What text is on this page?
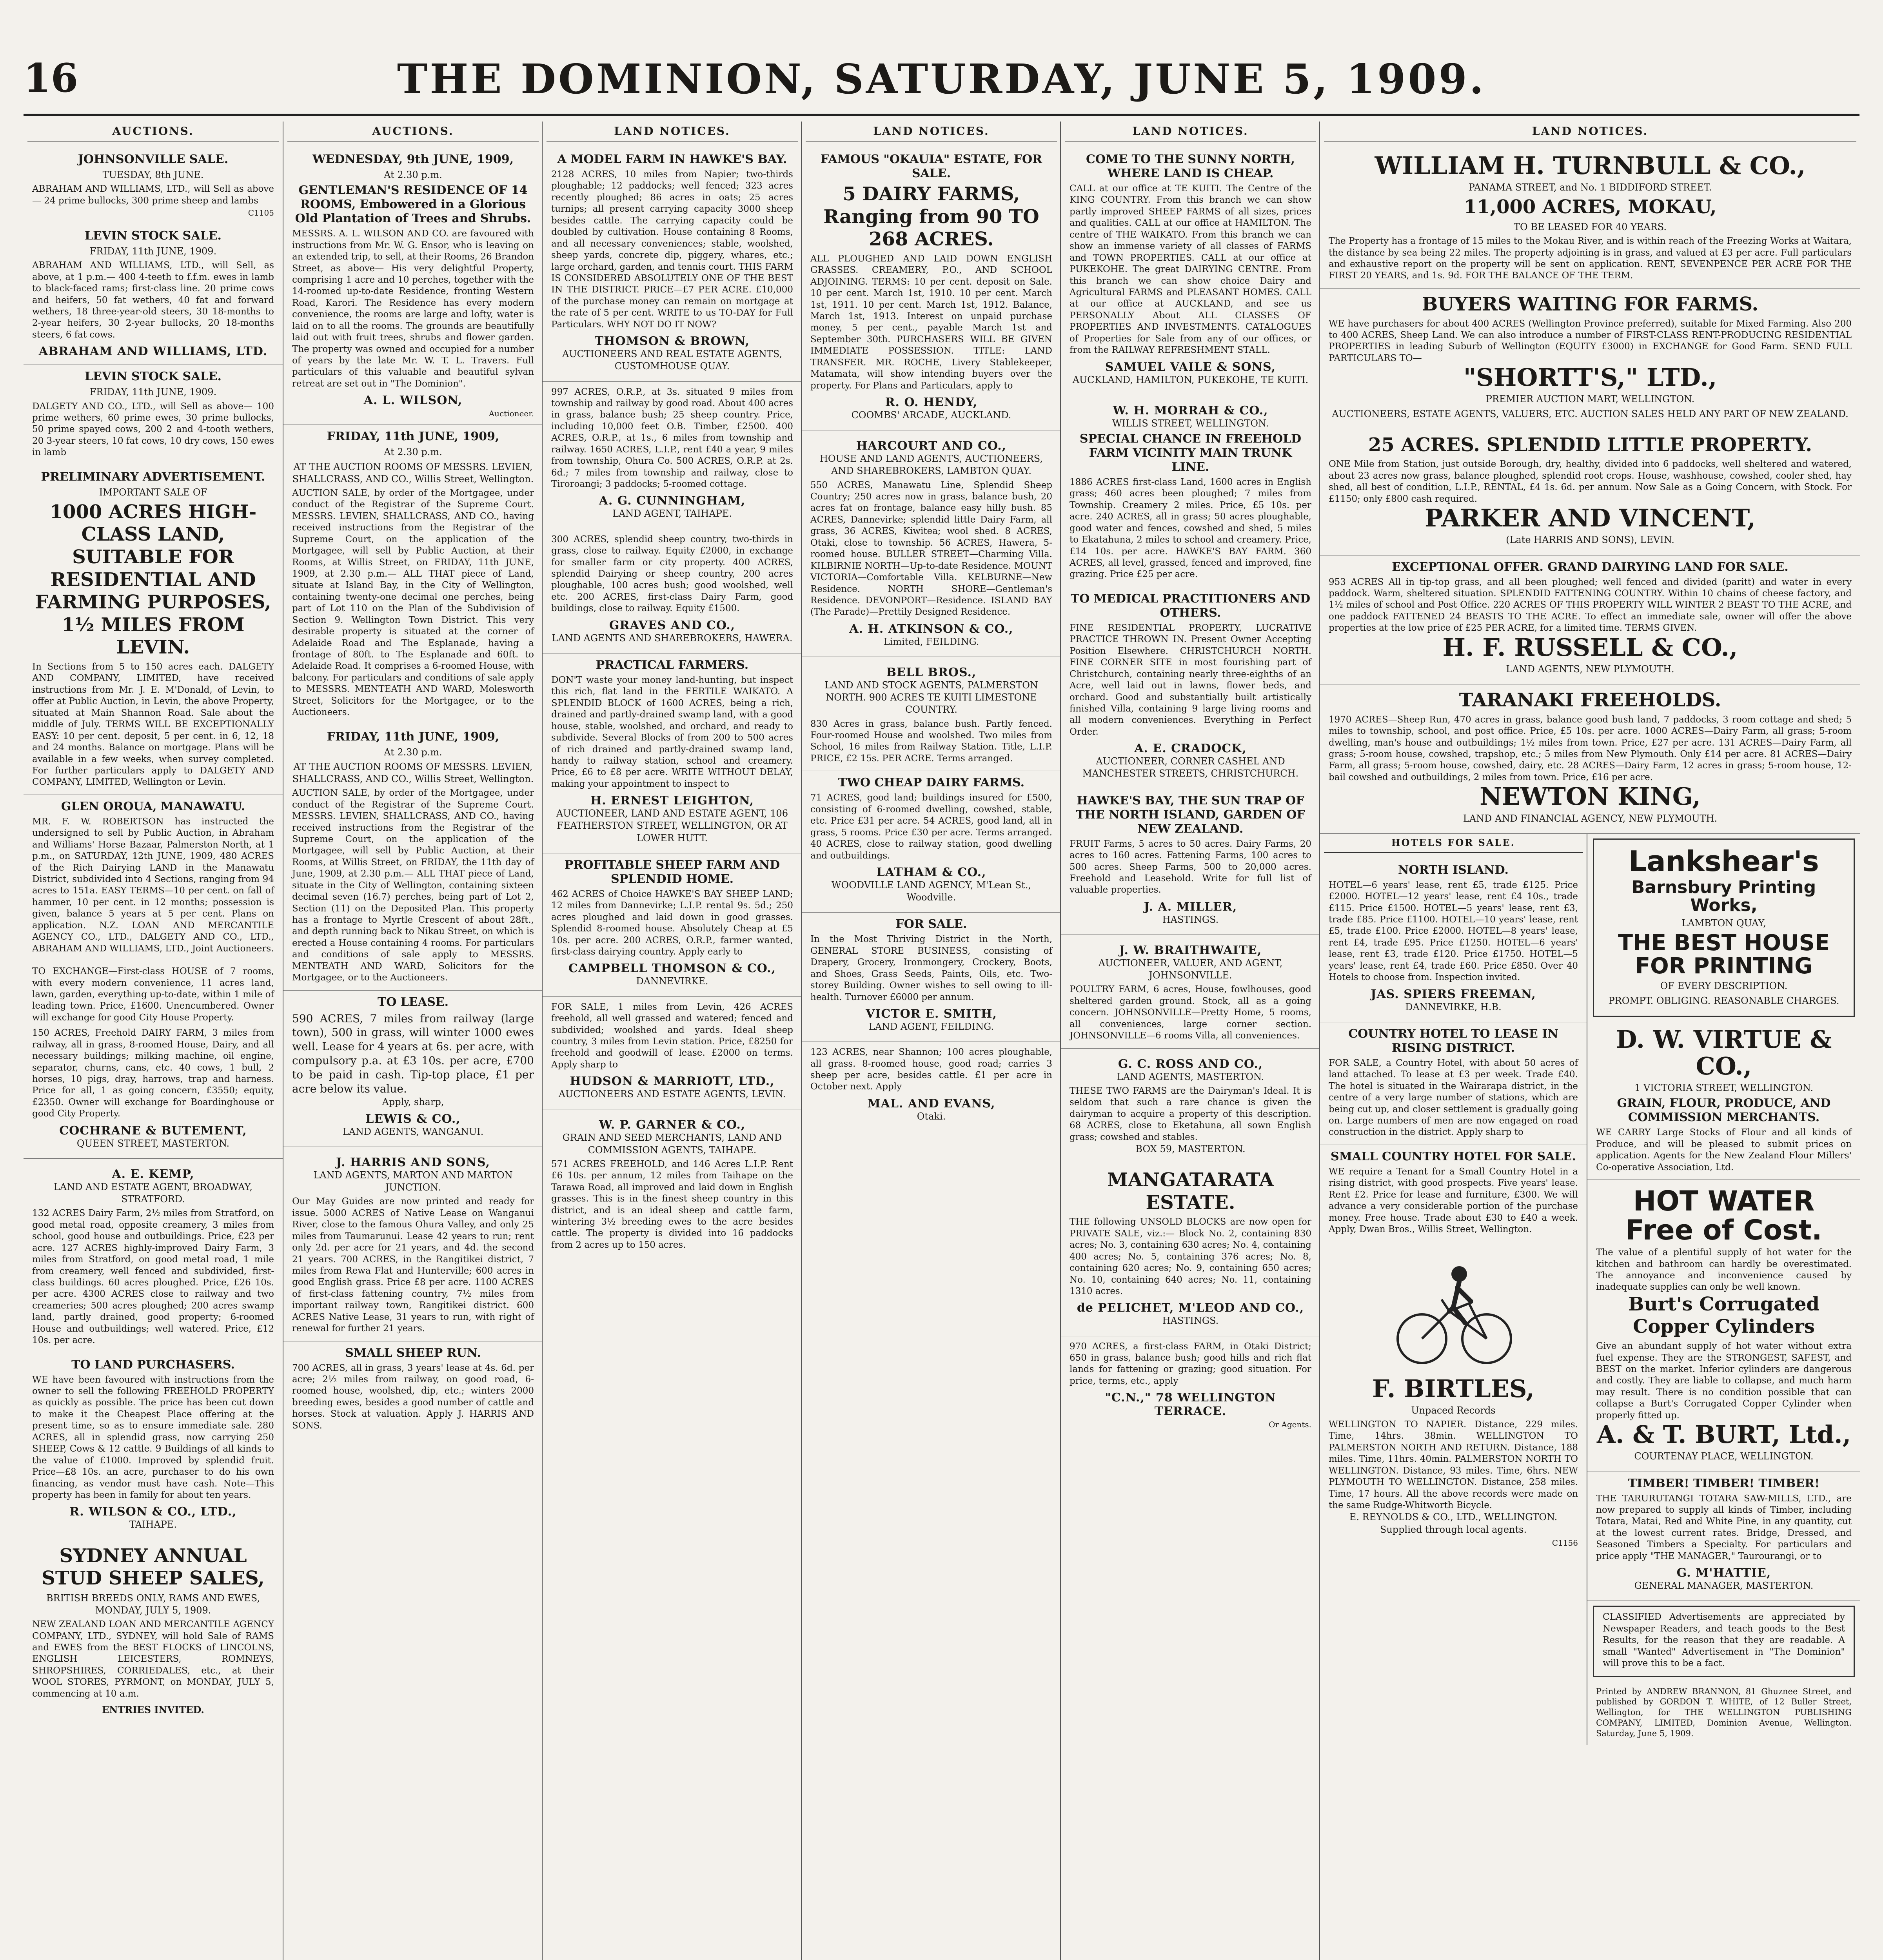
16	THE DOMINION, SATURDAY, JUNE 5, 1909.
AUCTIONS.
JOHNSONVILLE SALE.
TUESDAY, 8th JUNE.
ABRAHAM AND WILLIAMS, LTD., will Sell as above— 24 prime bullocks, 300 prime sheep and lambs
C1105
LEVIN STOCK SALE.
FRIDAY, 11th JUNE, 1909.
ABRAHAM AND WILLIAMS, LTD., will Sell, as above, at 1 p.m.— 400 4-teeth to f.f.m. ewes in lamb to black-faced rams; first-class line. 20 prime cows and heifers, 50 fat wethers, 40 fat and forward wethers, 18 three-year-old steers, 30 18-months to 2-year heifers, 30 2-year bullocks, 20 18-months steers, 6 fat cows.
ABRAHAM AND WILLIAMS, LTD.
LEVIN STOCK SALE.
FRIDAY, 11th JUNE, 1909.
DALGETY AND CO., LTD., will Sell as above— 100 prime wethers, 60 prime ewes, 30 prime bullocks, 50 prime spayed cows, 200 2 and 4-tooth wethers, 20 3-year steers, 10 fat cows, 10 dry cows, 150 ewes in lamb
PRELIMINARY ADVERTISEMENT.
IMPORTANT SALE OF
1000 ACRES HIGH-CLASS LAND, SUITABLE FOR RESIDENTIAL AND FARMING PURPOSES, 1½ MILES FROM LEVIN.
In Sections from 5 to 150 acres each. DALGETY AND COMPANY, LIMITED, have received instructions from Mr. J. E. M'Donald, of Levin, to offer at Public Auction, in Levin, the above Property, situated at Main Shannon Road. Sale about the middle of July. TERMS WILL BE EXCEPTIONALLY EASY: 10 per cent. deposit, 5 per cent. in 6, 12, 18 and 24 months. Balance on mortgage. Plans will be available in a few weeks, when survey completed. For further particulars apply to DALGETY AND COMPANY, LIMITED, Wellington or Levin.
GLEN OROUA, MANAWATU.
MR. F. W. ROBERTSON has instructed the undersigned to sell by Public Auction, in Abraham and Williams' Horse Bazaar, Palmerston North, at 1 p.m., on SATURDAY, 12th JUNE, 1909, 480 ACRES of the Rich Dairying LAND in the Manawatu District, subdivided into 4 Sections, ranging from 94 acres to 151a. EASY TERMS—10 per cent. on fall of hammer, 10 per cent. in 12 months; possession is given, balance 5 years at 5 per cent. Plans on application. N.Z. LOAN AND MERCANTILE AGENCY CO., LTD., DALGETY AND CO., LTD., ABRAHAM AND WILLIAMS, LTD., Joint Auctioneers.
TO EXCHANGE—First-class HOUSE of 7 rooms, with every modern convenience, 11 acres land, lawn, garden, everything up-to-date, within 1 mile of leading town. Price, £1600. Unencumbered. Owner will exchange for good City House Property.
150 ACRES, Freehold DAIRY FARM, 3 miles from railway, all in grass, 8-roomed House, Dairy, and all necessary buildings; milking machine, oil engine, separator, churns, cans, etc. 40 cows, 1 bull, 2 horses, 10 pigs, dray, harrows, trap and harness. Price for all, 1 as going concern, £3550; equity, £2350. Owner will exchange for Boardinghouse or good City Property.
COCHRANE & BUTEMENT,
QUEEN STREET, MASTERTON.
A. E. KEMP,
LAND AND ESTATE AGENT, BROADWAY, STRATFORD.
132 ACRES Dairy Farm, 2½ miles from Stratford, on good metal road, opposite creamery, 3 miles from school, good house and outbuildings. Price, £23 per acre. 127 ACRES highly-improved Dairy Farm, 3 miles from Stratford, on good metal road, 1 mile from creamery, well fenced and subdivided, first-class buildings. 60 acres ploughed. Price, £26 10s. per acre. 4300 ACRES close to railway and two creameries; 500 acres ploughed; 200 acres swamp land, partly drained, good property; 6-roomed House and outbuildings; well watered. Price, £12 10s. per acre.
TO LAND PURCHASERS.
WE have been favoured with instructions from the owner to sell the following FREEHOLD PROPERTY as quickly as possible. The price has been cut down to make it the Cheapest Place offering at the present time, so as to ensure immediate sale. 280 ACRES, all in splendid grass, now carrying 250 SHEEP, Cows & 12 cattle. 9 Buildings of all kinds to the value of £1000. Improved by splendid fruit. Price—£8 10s. an acre, purchaser to do his own financing, as vendor must have cash. Note—This property has been in family for about ten years.
R. WILSON & CO., LTD.,
TAIHAPE.
SYDNEY ANNUAL STUD SHEEP SALES,
BRITISH BREEDS ONLY, RAMS AND EWES, MONDAY, JULY 5, 1909.
NEW ZEALAND LOAN AND MERCANTILE AGENCY COMPANY, LTD., SYDNEY, will hold Sale of RAMS and EWES from the BEST FLOCKS of LINCOLNS, ENGLISH LEICESTERS, ROMNEYS, SHROPSHIRES, CORRIEDALES, etc., at their WOOL STORES, PYRMONT, on MONDAY, JULY 5, commencing at 10 a.m.
ENTRIES INVITED.
AUCTIONS.
WEDNESDAY, 9th JUNE, 1909,
At 2.30 p.m.
GENTLEMAN'S RESIDENCE OF 14 ROOMS, Embowered in a Glorious Old Plantation of Trees and Shrubs.
MESSRS. A. L. WILSON AND CO. are favoured with instructions from Mr. W. G. Ensor, who is leaving on an extended trip, to sell, at their Rooms, 26 Brandon Street, as above— His very delightful Property, comprising 1 acre and 10 perches, together with the 14-roomed up-to-date Residence, fronting Western Road, Karori. The Residence has every modern convenience, the rooms are large and lofty, water is laid on to all the rooms. The grounds are beautifully laid out with fruit trees, shrubs and flower garden. The property was owned and occupied for a number of years by the late Mr. W. T. L. Travers. Full particulars of this valuable and beautiful sylvan retreat are set out in "The Dominion".
A. L. WILSON,
Auctioneer.
FRIDAY, 11th JUNE, 1909,
At 2.30 p.m.
AT THE AUCTION ROOMS OF MESSRS. LEVIEN, SHALLCRASS, AND CO., Willis Street, Wellington.
AUCTION SALE, by order of the Mortgagee, under conduct of the Registrar of the Supreme Court. MESSRS. LEVIEN, SHALLCRASS, AND CO., having received instructions from the Registrar of the Supreme Court, on the application of the Mortgagee, will sell by Public Auction, at their Rooms, at Willis Street, on FRIDAY, 11th JUNE, 1909, at 2.30 p.m.— ALL THAT piece of Land, situate at Island Bay, in the City of Wellington, containing twenty-one decimal one perches, being part of Lot 110 on the Plan of the Subdivision of Section 9. Wellington Town District. This very desirable property is situated at the corner of Adelaide Road and The Esplanade, having a frontage of 80ft. to The Esplanade and 60ft. to Adelaide Road. It comprises a 6-roomed House, with balcony. For particulars and conditions of sale apply to MESSRS. MENTEATH AND WARD, Molesworth Street, Solicitors for the Mortgagee, or to the Auctioneers.
FRIDAY, 11th JUNE, 1909,
At 2.30 p.m.
AT THE AUCTION ROOMS OF MESSRS. LEVIEN, SHALLCRASS, AND CO., Willis Street, Wellington.
AUCTION SALE, by order of the Mortgagee, under conduct of the Registrar of the Supreme Court. MESSRS. LEVIEN, SHALLCRASS, AND CO., having received instructions from the Registrar of the Supreme Court, on the application of the Mortgagee, will sell by Public Auction, at their Rooms, at Willis Street, on FRIDAY, the 11th day of June, 1909, at 2.30 p.m.— ALL THAT piece of Land, situate in the City of Wellington, containing sixteen decimal seven (16.7) perches, being part of Lot 2, Section (11) on the Deposited Plan. This property has a frontage to Myrtle Crescent of about 28ft., and depth running back to Nikau Street, on which is erected a House containing 4 rooms. For particulars and conditions of sale apply to MESSRS. MENTEATH AND WARD, Solicitors for the Mortgagee, or to the Auctioneers.
TO LEASE.
590 ACRES, 7 miles from railway (large town), 500 in grass, will winter 1000 ewes well. Lease for 4 years at 6s. per acre, with compulsory p.a. at £3 10s. per acre, £700 to be paid in cash. Tip-top place, £1 per acre below its value.
Apply, sharp,
LEWIS & CO.,
LAND AGENTS, WANGANUI.
J. HARRIS AND SONS,
LAND AGENTS, MARTON AND MARTON JUNCTION.
Our May Guides are now printed and ready for issue. 5000 ACRES of Native Lease on Wanganui River, close to the famous Ohura Valley, and only 25 miles from Taumarunui. Lease 42 years to run; rent only 2d. per acre for 21 years, and 4d. the second 21 years. 700 ACRES, in the Rangitikei district, 7 miles from Rewa Flat and Hunterville; 600 acres in good English grass. Price £8 per acre. 1100 ACRES of first-class fattening country, 7½ miles from important railway town, Rangitikei district. 600 ACRES Native Lease, 31 years to run, with right of renewal for further 21 years.
SMALL SHEEP RUN.
700 ACRES, all in grass, 3 years' lease at 4s. 6d. per acre; 2½ miles from railway, on good road, 6-roomed house, woolshed, dip, etc.; winters 2000 breeding ewes, besides a good number of cattle and horses. Stock at valuation. Apply J. HARRIS AND SONS.
LAND NOTICES.
A MODEL FARM IN HAWKE'S BAY.
2128 ACRES, 10 miles from Napier; two-thirds ploughable; 12 paddocks; well fenced; 323 acres recently ploughed; 86 acres in oats; 25 acres turnips; all present carrying capacity 3000 sheep besides cattle. The carrying capacity could be doubled by cultivation. House containing 8 Rooms, and all necessary conveniences; stable, woolshed, sheep yards, concrete dip, piggery, whares, etc.; large orchard, garden, and tennis court. THIS FARM IS CONSIDERED ABSOLUTELY ONE OF THE BEST IN THE DISTRICT. PRICE—£7 PER ACRE. £10,000 of the purchase money can remain on mortgage at the rate of 5 per cent. WRITE to us TO-DAY for Full Particulars. WHY NOT DO IT NOW?
THOMSON & BROWN,
AUCTIONEERS AND REAL ESTATE AGENTS, CUSTOMHOUSE QUAY.
997 ACRES, O.R.P., at 3s. situated 9 miles from township and railway by good road. About 400 acres in grass, balance bush; 25 sheep country. Price, including 10,000 feet O.B. Timber, £2500. 400 ACRES, O.R.P., at 1s., 6 miles from township and railway. 1650 ACRES, L.I.P., rent £40 a year, 9 miles from township, Ohura Co. 500 ACRES, O.R.P. at 2s. 6d.; 7 miles from township and railway, close to Tiroroangi; 3 paddocks; 5-roomed cottage.
A. G. CUNNINGHAM,
LAND AGENT, TAIHAPE.
300 ACRES, splendid sheep country, two-thirds in grass, close to railway. Equity £2000, in exchange for smaller farm or city property. 400 ACRES, splendid Dairying or sheep country, 200 acres ploughable, 100 acres bush; good woolshed, well etc. 200 ACRES, first-class Dairy Farm, good buildings, close to railway. Equity £1500.
GRAVES AND CO.,
LAND AGENTS AND SHAREBROKERS, HAWERA.
PRACTICAL FARMERS.
DON'T waste your money land-hunting, but inspect this rich, flat land in the FERTILE WAIKATO. A SPLENDID BLOCK of 1600 ACRES, being a rich, drained and partly-drained swamp land, with a good house, stable, woolshed, and orchard, and ready to subdivide. Several Blocks of from 200 to 500 acres of rich drained and partly-drained swamp land, handy to railway station, school and creamery. Price, £6 to £8 per acre. WRITE WITHOUT DELAY, making your appointment to inspect to
H. ERNEST LEIGHTON,
AUCTIONEER, LAND AND ESTATE AGENT, 106 FEATHERSTON STREET, WELLINGTON, OR AT LOWER HUTT.
PROFITABLE SHEEP FARM AND SPLENDID HOME.
462 ACRES of Choice HAWKE'S BAY SHEEP LAND; 12 miles from Dannevirke; L.I.P. rental 9s. 5d.; 250 acres ploughed and laid down in good grasses. Splendid 8-roomed house. Absolutely Cheap at £5 10s. per acre. 200 ACRES, O.R.P., farmer wanted, first-class dairying country. Apply early to
CAMPBELL THOMSON & CO.,
DANNEVIRKE.
FOR SALE, 1 miles from Levin, 426 ACRES freehold, all well grassed and watered; fenced and subdivided; woolshed and yards. Ideal sheep country, 3 miles from Levin station. Price, £8250 for freehold and goodwill of lease. £2000 on terms. Apply sharp to
HUDSON & MARRIOTT, LTD.,
AUCTIONEERS AND ESTATE AGENTS, LEVIN.
W. P. GARNER & CO.,
GRAIN AND SEED MERCHANTS, LAND AND COMMISSION AGENTS, TAIHAPE.
571 ACRES FREEHOLD, and 146 Acres L.I.P. Rent £6 10s. per annum, 12 miles from Taihape on the Tarawa Road, all improved and laid down in English grasses. This is in the finest sheep country in this district, and is an ideal sheep and cattle farm, wintering 3½ breeding ewes to the acre besides cattle. The property is divided into 16 paddocks from 2 acres up to 150 acres.
LAND NOTICES.
FAMOUS "OKAUIA" ESTATE, FOR SALE.
5 DAIRY FARMS, Ranging from 90 TO 268 ACRES.
ALL PLOUGHED AND LAID DOWN ENGLISH GRASSES. CREAMERY, P.O., AND SCHOOL ADJOINING. TERMS: 10 per cent. deposit on Sale. 10 per cent. March 1st, 1910. 10 per cent. March 1st, 1911. 10 per cent. March 1st, 1912. Balance, March 1st, 1913. Interest on unpaid purchase money, 5 per cent., payable March 1st and September 30th. PURCHASERS WILL BE GIVEN IMMEDIATE POSSESSION. TITLE: LAND TRANSFER. MR. ROCHE, Livery Stablekeeper, Matamata, will show intending buyers over the property. For Plans and Particulars, apply to
R. O. HENDY,
COOMBS' ARCADE, AUCKLAND.
HARCOURT AND CO.,
HOUSE AND LAND AGENTS, AUCTIONEERS, AND SHAREBROKERS, LAMBTON QUAY.
550 ACRES, Manawatu Line, Splendid Sheep Country; 250 acres now in grass, balance bush, 20 acres fat on frontage, balance easy hilly bush. 85 ACRES, Dannevirke; splendid little Dairy Farm, all grass, 36 ACRES, Kiwitea; wool shed. 8 ACRES, Otaki, close to township. 56 ACRES, Hawera, 5-roomed house. BULLER STREET—Charming Villa. KILBIRNIE NORTH—Up-to-date Residence. MOUNT VICTORIA—Comfortable Villa. KELBURNE—New Residence. NORTH SHORE—Gentleman's Residence. DEVONPORT—Residence. ISLAND BAY (The Parade)—Prettily Designed Residence.
A. H. ATKINSON & CO.,
Limited, FEILDING.
BELL BROS.,
LAND AND STOCK AGENTS, PALMERSTON NORTH. 900 ACRES TE KUITI LIMESTONE COUNTRY.
830 Acres in grass, balance bush. Partly fenced. Four-roomed House and woolshed. Two miles from School, 16 miles from Railway Station. Title, L.I.P. PRICE, £2 15s. PER ACRE. Terms arranged.
TWO CHEAP DAIRY FARMS.
71 ACRES, good land; buildings insured for £500, consisting of 6-roomed dwelling, cowshed, stable, etc. Price £31 per acre. 54 ACRES, good land, all in grass, 5 rooms. Price £30 per acre. Terms arranged. 40 ACRES, close to railway station, good dwelling and outbuildings.
LATHAM & CO.,
WOODVILLE LAND AGENCY, M'Lean St., Woodville.
FOR SALE.
In the Most Thriving District in the North, GENERAL STORE BUSINESS, consisting of Drapery, Grocery, Ironmongery, Crockery, Boots, and Shoes, Grass Seeds, Paints, Oils, etc. Two-storey Building. Owner wishes to sell owing to ill-health. Turnover £6000 per annum.
VICTOR E. SMITH,
LAND AGENT, FEILDING.
123 ACRES, near Shannon; 100 acres ploughable, all grass. 8-roomed house, good road; carries 3 sheep per acre, besides cattle. £1 per acre in October next. Apply
MAL. AND EVANS,
Otaki.
LAND NOTICES.
COME TO THE SUNNY NORTH, WHERE LAND IS CHEAP.
CALL at our office at TE KUITI. The Centre of the KING COUNTRY. From this branch we can show partly improved SHEEP FARMS of all sizes, prices and qualities. CALL at our office at HAMILTON. The centre of THE WAIKATO. From this branch we can show an immense variety of all classes of FARMS and TOWN PROPERTIES. CALL at our office at PUKEKOHE. The great DAIRYING CENTRE. From this branch we can show choice Dairy and Agricultural FARMS and PLEASANT HOMES. CALL at our office at AUCKLAND, and see us PERSONALLY About ALL CLASSES OF PROPERTIES AND INVESTMENTS. CATALOGUES of Properties for Sale from any of our offices, or from the RAILWAY REFRESHMENT STALL.
SAMUEL VAILE & SONS,
AUCKLAND, HAMILTON, PUKEKOHE, TE KUITI.
W. H. MORRAH & CO.,
WILLIS STREET, WELLINGTON.
SPECIAL CHANCE IN FREEHOLD FARM VICINITY MAIN TRUNK LINE.
1886 ACRES first-class Land, 1600 acres in English grass; 460 acres been ploughed; 7 miles from Township. Creamery 2 miles. Price, £5 10s. per acre. 240 ACRES, all in grass; 50 acres ploughable, good water and fences, cowshed and shed, 5 miles to Ekatahuna, 2 miles to school and creamery. Price, £14 10s. per acre. HAWKE'S BAY FARM. 360 ACRES, all level, grassed, fenced and improved, fine grazing. Price £25 per acre.
TO MEDICAL PRACTITIONERS AND OTHERS.
FINE RESIDENTIAL PROPERTY, LUCRATIVE PRACTICE THROWN IN. Present Owner Accepting Position Elsewhere. CHRISTCHURCH NORTH. FINE CORNER SITE in most fourishing part of Christchurch, containing nearly three-eighths of an Acre, well laid out in lawns, flower beds, and orchard. Good and substantially built artistically finished Villa, containing 9 large living rooms and all modern conveniences. Everything in Perfect Order.
A. E. CRADOCK,
AUCTIONEER, CORNER CASHEL AND MANCHESTER STREETS, CHRISTCHURCH.
HAWKE'S BAY, THE SUN TRAP OF THE NORTH ISLAND, GARDEN OF NEW ZEALAND.
FRUIT Farms, 5 acres to 50 acres. Dairy Farms, 20 acres to 160 acres. Fattening Farms, 100 acres to 500 acres. Sheep Farms, 500 to 20,000 acres. Freehold and Leasehold. Write for full list of valuable properties.
J. A. MILLER,
HASTINGS.
J. W. BRAITHWAITE,
AUCTIONEER, VALUER, AND AGENT, JOHNSONVILLE.
POULTRY FARM, 6 acres, House, fowlhouses, good sheltered garden ground. Stock, all as a going concern. JOHNSONVILLE—Pretty Home, 5 rooms, all conveniences, large corner section. JOHNSONVILLE—6 rooms Villa, all conveniences.
G. C. ROSS AND CO.,
LAND AGENTS, MASTERTON.
THESE TWO FARMS are the Dairyman's Ideal. It is seldom that such a rare chance is given the dairyman to acquire a property of this description. 68 ACRES, close to Eketahuna, all sown English grass; cowshed and stables.
BOX 59, MASTERTON.
MANGATARATA ESTATE.
THE following UNSOLD BLOCKS are now open for PRIVATE SALE, viz.:— Block No. 2, containing 830 acres; No. 3, containing 630 acres; No. 4, containing 400 acres; No. 5, containing 376 acres; No. 8, containing 620 acres; No. 9, containing 650 acres; No. 10, containing 640 acres; No. 11, containing 1310 acres.
de PELICHET, M'LEOD AND CO.,
HASTINGS.
970 ACRES, a first-class FARM, in Otaki District; 650 in grass, balance bush; good hills and rich flat lands for fattening or grazing; good situation. For price, terms, etc., apply
"C.N.," 78 WELLINGTON TERRACE.
Or Agents.
LAND NOTICES.
WILLIAM H. TURNBULL & CO.,
PANAMA STREET, and No. 1 BIDDIFORD STREET.
11,000 ACRES, MOKAU,
TO BE LEASED FOR 40 YEARS.
The Property has a frontage of 15 miles to the Mokau River, and is within reach of the Freezing Works at Waitara, the distance by sea being 22 miles. The property adjoining is in grass, and valued at £3 per acre. Full particulars and exhaustive report on the property will be sent on application. RENT, SEVENPENCE PER ACRE FOR THE FIRST 20 YEARS, and 1s. 9d. FOR THE BALANCE OF THE TERM.
BUYERS WAITING FOR FARMS.
WE have purchasers for about 400 ACRES (Wellington Province preferred), suitable for Mixed Farming. Also 200 to 400 ACRES, Sheep Land. We can also introduce a number of FIRST-CLASS RENT-PRODUCING RESIDENTIAL PROPERTIES in leading Suburb of Wellington (EQUITY £3000) in EXCHANGE for Good Farm. SEND FULL PARTICULARS TO—
"SHORTT'S," LTD.,
PREMIER AUCTION MART, WELLINGTON.
AUCTIONEERS, ESTATE AGENTS, VALUERS, ETC. AUCTION SALES HELD ANY PART OF NEW ZEALAND.
25 ACRES. SPLENDID LITTLE PROPERTY.
ONE Mile from Station, just outside Borough, dry, healthy, divided into 6 paddocks, well sheltered and watered, about 23 acres now grass, balance ploughed, splendid root crops. House, washhouse, cowshed, cooler shed, hay shed, all best of condition, L.I.P., RENTAL, £4 1s. 6d. per annum. Now Sale as a Going Concern, with Stock. For £1150; only £800 cash required.
PARKER AND VINCENT,
(Late HARRIS AND SONS), LEVIN.
EXCEPTIONAL OFFER. GRAND DAIRYING LAND FOR SALE.
953 ACRES All in tip-top grass, and all been ploughed; well fenced and divided (paritt) and water in every paddock. Warm, sheltered situation. SPLENDID FATTENING COUNTRY. Within 10 chains of cheese factory, and 1½ miles of school and Post Office. 220 ACRES OF THIS PROPERTY WILL WINTER 2 BEAST TO THE ACRE, and one paddock FATTENED 24 BEASTS TO THE ACRE. To effect an immediate sale, owner will offer the above properties at the low price of £25 PER ACRE, for a limited time. TERMS GIVEN.
H. F. RUSSELL & CO.,
LAND AGENTS, NEW PLYMOUTH.
TARANAKI FREEHOLDS.
1970 ACRES—Sheep Run, 470 acres in grass, balance good bush land, 7 paddocks, 3 room cottage and shed; 5 miles to township, school, and post office. Price, £5 10s. per acre. 1000 ACRES—Dairy Farm, all grass; 5-room dwelling, man's house and outbuildings; 1½ miles from town. Price, £27 per acre. 131 ACRES—Dairy Farm, all grass; 5-room house, cowshed, trapshop, etc.; 5 miles from New Plymouth. Only £14 per acre. 81 ACRES—Dairy Farm, all grass; 5-room house, cowshed, dairy, etc. 28 ACRES—Dairy Farm, 12 acres in grass; 5-room house, 12-bail cowshed and outbuildings, 2 miles from town. Price, £16 per acre.
NEWTON KING,
LAND AND FINANCIAL AGENCY, NEW PLYMOUTH.
HOTELS FOR SALE.
NORTH ISLAND.
HOTEL—6 years' lease, rent £5, trade £125. Price £2000. HOTEL—12 years' lease, rent £4 10s., trade £115. Price £1500. HOTEL—5 years' lease, rent £3, trade £85. Price £1100. HOTEL—10 years' lease, rent £5, trade £100. Price £2000. HOTEL—8 years' lease, rent £4, trade £95. Price £1250. HOTEL—6 years' lease, rent £3, trade £120. Price £1750. HOTEL—5 years' lease, rent £4, trade £60. Price £850. Over 40 Hotels to choose from. Inspection invited.
JAS. SPIERS FREEMAN,
DANNEVIRKE, H.B.
COUNTRY HOTEL TO LEASE IN RISING DISTRICT.
FOR SALE, a Country Hotel, with about 50 acres of land attached. To lease at £3 per week. Trade £40. The hotel is situated in the Wairarapa district, in the centre of a very large number of stations, which are being cut up, and closer settlement is gradually going on. Large numbers of men are now engaged on road construction in the district. Apply sharp to
SMALL COUNTRY HOTEL FOR SALE.
WE require a Tenant for a Small Country Hotel in a rising district, with good prospects. Five years' lease. Rent £2. Price for lease and furniture, £300. We will advance a very considerable portion of the purchase money. Free house. Trade about £30 to £40 a week. Apply, Dwan Bros., Willis Street, Wellington.
F. BIRTLES,
Unpaced Records
WELLINGTON TO NAPIER. Distance, 229 miles. Time, 14hrs. 38min. WELLINGTON TO PALMERSTON NORTH AND RETURN. Distance, 188 miles. Time, 11hrs. 40min. PALMERSTON NORTH TO WELLINGTON. Distance, 93 miles. Time, 6hrs. NEW PLYMOUTH TO WELLINGTON. Distance, 258 miles. Time, 17 hours. All the above records were made on the same Rudge-Whitworth Bicycle.
E. REYNOLDS & CO., LTD., WELLINGTON. Supplied through local agents.
C1156
Lankshear's
Barnsbury Printing Works,
LAMBTON QUAY,
THE BEST HOUSE FOR PRINTING
OF EVERY DESCRIPTION.
PROMPT. OBLIGING. REASONABLE CHARGES.
D. W. VIRTUE & CO.,
1 VICTORIA STREET, WELLINGTON.
GRAIN, FLOUR, PRODUCE, AND COMMISSION MERCHANTS.
WE CARRY Large Stocks of Flour and all kinds of Produce, and will be pleased to submit prices on application. Agents for the New Zealand Flour Millers' Co-operative Association, Ltd.
HOT WATER Free of Cost.
The value of a plentiful supply of hot water for the kitchen and bathroom can hardly be overestimated. The annoyance and inconvenience caused by inadequate supplies can only be well known.
Burt's Corrugated Copper Cylinders
Give an abundant supply of hot water without extra fuel expense. They are the STRONGEST, SAFEST, and BEST on the market. Inferior cylinders are dangerous and costly. They are liable to collapse, and much harm may result. There is no condition possible that can collapse a Burt's Corrugated Copper Cylinder when properly fitted up.
A. & T. BURT, Ltd.,
COURTENAY PLACE, WELLINGTON.
TIMBER! TIMBER! TIMBER!
THE TARURUTANGI TOTARA SAW-MILLS, LTD., are now prepared to supply all kinds of Timber, including Totara, Matai, Red and White Pine, in any quantity, cut at the lowest current rates. Bridge, Dressed, and Seasoned Timbers a Specialty. For particulars and price apply "THE MANAGER," Taurourangi, or to
G. M'HATTIE,
GENERAL MANAGER, MASTERTON.
CLASSIFIED Advertisements are appreciated by Newspaper Readers, and teach goods to the Best Results, for the reason that they are readable. A small "Wanted" Advertisement in "The Dominion" will prove this to be a fact.
Printed by ANDREW BRANNON, 81 Ghuznee Street, and published by GORDON T. WHITE, of 12 Buller Street, Wellington, for THE WELLINGTON PUBLISHING COMPANY, LIMITED, Dominion Avenue, Wellington. Saturday, June 5, 1909.
